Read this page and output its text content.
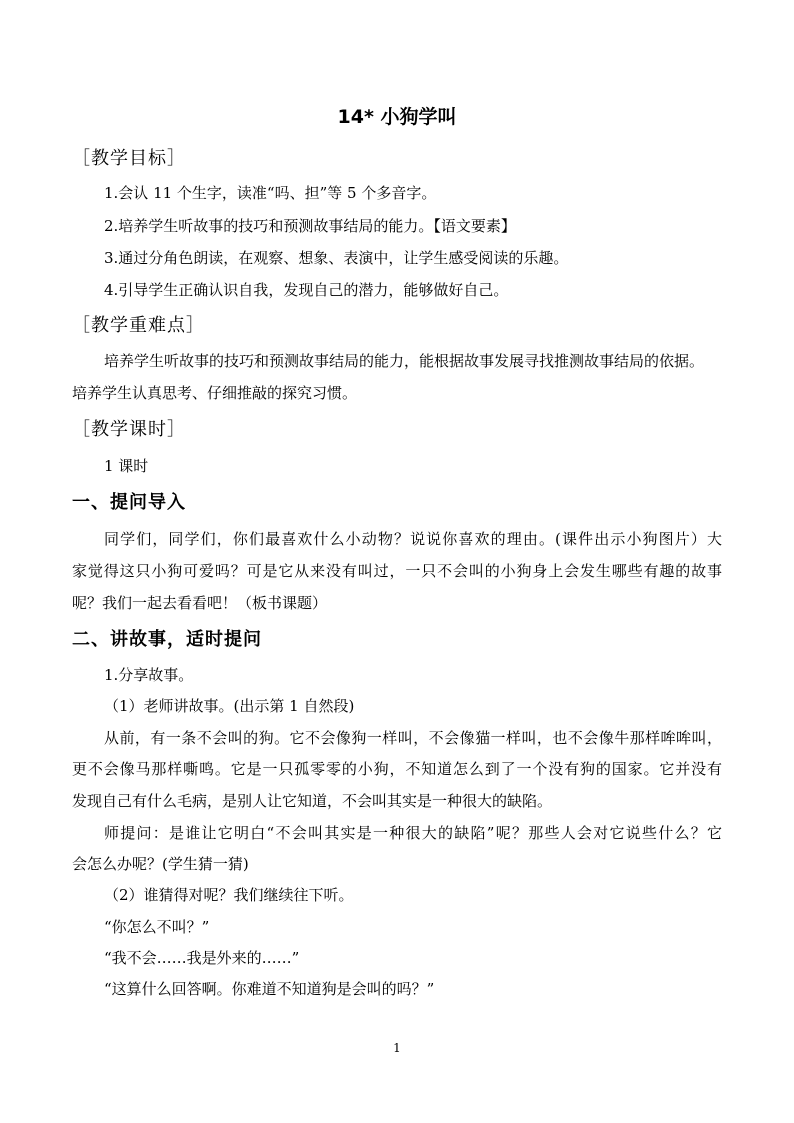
14* 小狗学叫
［教学目标］
1.会认 11 个生字，读准“吗、担”等 5 个多音字。
2.培养学生听故事的技巧和预测故事结局的能力。【语文要素】
3.通过分角色朗读，在观察、想象、表演中，让学生感受阅读的乐趣。
4.引导学生正确认识自我，发现自己的潜力，能够做好自己。
［教学重难点］
培养学生听故事的技巧和预测故事结局的能力，能根据故事发展寻找推测故事结局的依据。
培养学生认真思考、仔细推敲的探究习惯。
［教学课时］
1 课时
一、提问导入
同学们，同学们，你们最喜欢什么小动物？说说你喜欢的理由。(课件出示小狗图片）大
家觉得这只小狗可爱吗？可是它从来没有叫过，一只不会叫的小狗身上会发生哪些有趣的故事
呢？我们一起去看看吧！（板书课题）
二、讲故事，适时提问
1.分享故事。
（1）老师讲故事。(出示第 1 自然段)
从前，有一条不会叫的狗。它不会像狗一样叫，不会像猫一样叫，也不会像牛那样哞哞叫，
更不会像马那样嘶鸣。它是一只孤零零的小狗，不知道怎么到了一个没有狗的国家。它并没有
发现自己有什么毛病，是别人让它知道，不会叫其实是一种很大的缺陷。
师提问：是谁让它明白“不会叫其实是一种很大的缺陷”呢？那些人会对它说些什么？它
会怎么办呢？(学生猜一猜)
（2）谁猜得对呢？我们继续往下听。
“你怎么不叫？”
“我不会……我是外来的……”
“这算什么回答啊。你难道不知道狗是会叫的吗？”
1
